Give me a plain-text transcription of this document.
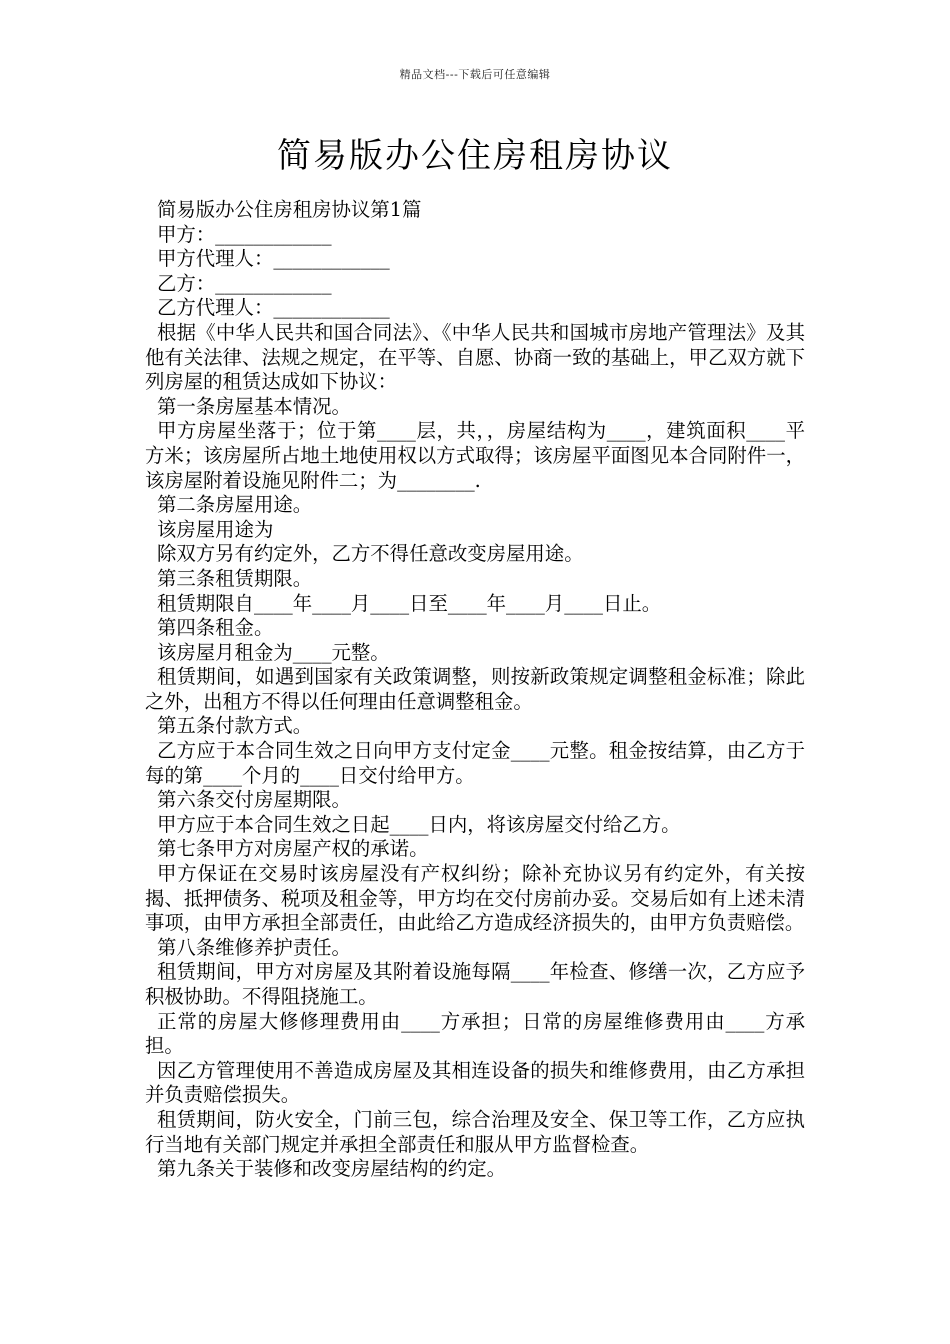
精品文档---下载后可任意编辑
简易版办公住房租房协议

简易版办公住房租房协议第1篇

甲方：____________

甲方代理人：____________

乙方：____________

乙方代理人：____________

根据《中华人民共和国合同法》、《中华人民共和国城市房地产管理法》及其他有关法律、法规之规定，在平等、自愿、协商一致的基础上，甲乙双方就下列房屋的租赁达成如下协议：

第一条房屋基本情况。

甲方房屋坐落于；位于第____层，共，，房屋结构为____，建筑面积____平方米；该房屋所占地土地使用权以方式取得；该房屋平面图见本合同附件一，该房屋附着设施见附件二；为________.

第二条房屋用途。

该房屋用途为

除双方另有约定外，乙方不得任意改变房屋用途。

第三条租赁期限。

租赁期限自____年____月____日至____年____月____日止。

第四条租金。

该房屋月租金为____元整。

租赁期间，如遇到国家有关政策调整，则按新政策规定调整租金标准；除此之外，出租方不得以任何理由任意调整租金。

第五条付款方式。

乙方应于本合同生效之日向甲方支付定金____元整。租金按结算，由乙方于每的第____个月的____日交付给甲方。

第六条交付房屋期限。

甲方应于本合同生效之日起____日内，将该房屋交付给乙方。

第七条甲方对房屋产权的承诺。

甲方保证在交易时该房屋没有产权纠纷；除补充协议另有约定外，有关按揭、抵押债务、税项及租金等，甲方均在交付房前办妥。交易后如有上述未清事项，由甲方承担全部责任，由此给乙方造成经济损失的，由甲方负责赔偿。

第八条维修养护责任。

租赁期间，甲方对房屋及其附着设施每隔____年检查、修缮一次，乙方应予积极协助。不得阻挠施工。

正常的房屋大修修理费用由____方承担；日常的房屋维修费用由____方承担。

因乙方管理使用不善造成房屋及其相连设备的损失和维修费用，由乙方承担并负责赔偿损失。

租赁期间，防火安全，门前三包，综合治理及安全、保卫等工作，乙方应执行当地有关部门规定并承担全部责任和服从甲方监督检查。

第九条关于装修和改变房屋结构的约定。
